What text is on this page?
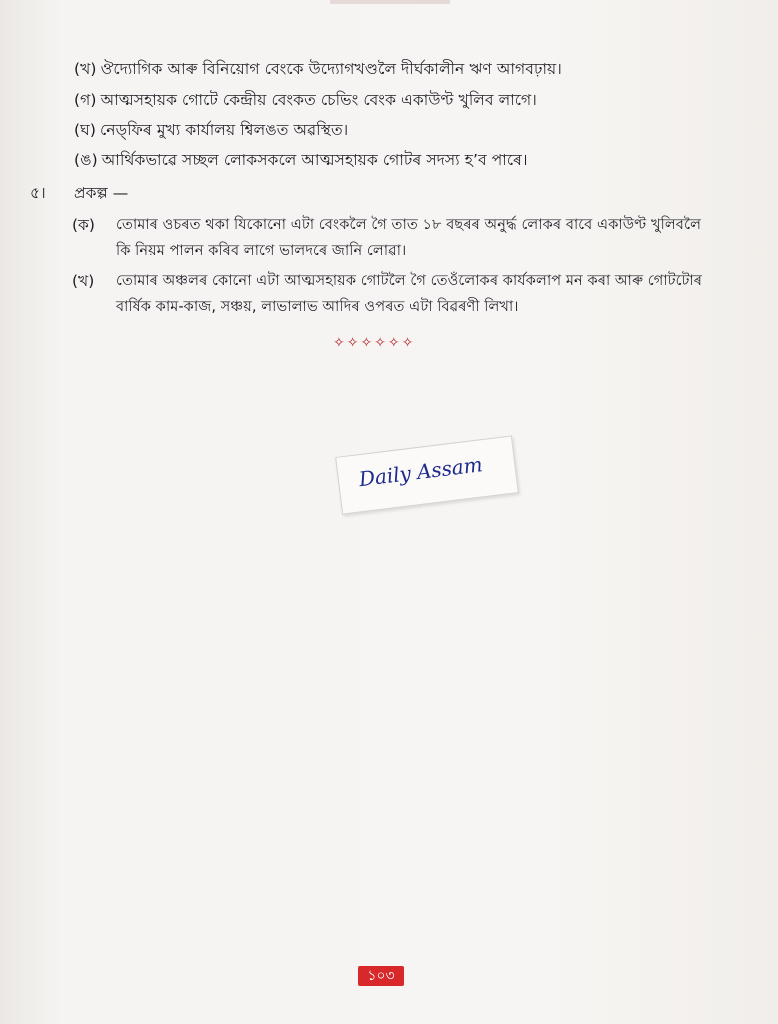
(খ) ঔদ্যোগিক আৰু বিনিয়োগ বেংকে উদ্যোগখণ্ডলৈ দীৰ্ঘকালীন ঋণ আগবঢ়ায়।
(গ) আত্মসহায়ক গোটে কেন্দ্ৰীয় বেংকত চেভিং বেংক একাউণ্ট খুলিব লাগে।
(ঘ) নেড্‌ফিৰ মুখ্য কাৰ্যালয় শ্বিলঙত অৱস্থিত।
(ঙ) আৰ্থিকভাৱে সচ্ছল লোকসকলে আত্মসহায়ক গোটৰ সদস্য হ’ব পাৰে।
৫। প্ৰকল্প —
(ক) তোমাৰ ওচৰত থকা যিকোনো এটা বেংকলৈ গৈ তাত ১৮ বছৰৰ অনুৰ্দ্ধ লোকৰ বাবে একাউণ্ট খুলিবলৈ
কি নিয়ম পালন কৰিব লাগে ভালদৰে জানি লোৱা।
(খ) তোমাৰ অঞ্চলৰ কোনো এটা আত্মসহায়ক গোটলৈ গৈ তেওঁলোকৰ কাৰ্যকলাপ মন কৰা আৰু গোটটোৰ
বাৰ্ষিক কাম-কাজ, সঞ্চয়, লাভালাভ আদিৰ ওপৰত এটা বিৱৰণী লিখা।
✧✧✧✧✧✧
Daily Assam
১০৩
